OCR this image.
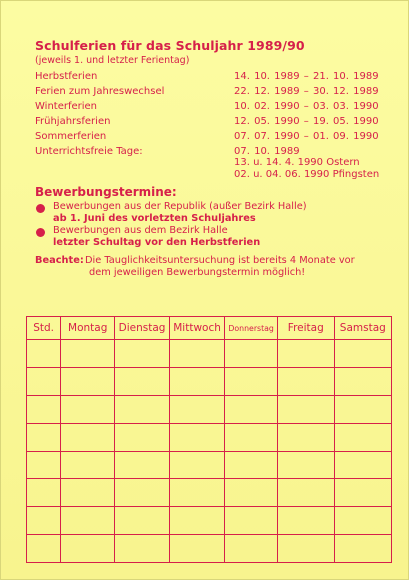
Schulferien für das Schuljahr 1989/90
(jeweils 1. und letzter Ferientag)
Herbstferien	14. 10. 1989 – 21. 10. 1989
Ferien zum Jahreswechsel	22. 12. 1989 – 30. 12. 1989
Winterferien	10. 02. 1990 – 03. 03. 1990
Frühjahrsferien	12. 05. 1990 – 19. 05. 1990
Sommerferien	07. 07. 1990 – 01. 09. 1990
Unterrichtsfreie Tage:	07. 10. 1989
13. u. 14. 4. 1990 Ostern
02. u. 04. 06. 1990 Pfingsten
Bewerbungstermine:
Bewerbungen aus der Republik (außer Bezirk Halle)
ab 1. Juni des vorletzten Schuljahres
Bewerbungen aus dem Bezirk Halle
letzter Schultag vor den Herbstferien
Beachte: Die Tauglichkeitsuntersuchung ist bereits 4 Monate vor
dem jeweiligen Bewerbungstermin möglich!
Std.	Montag	Dienstag	Mittwoch	Donnerstag	Freitag	Samstag
